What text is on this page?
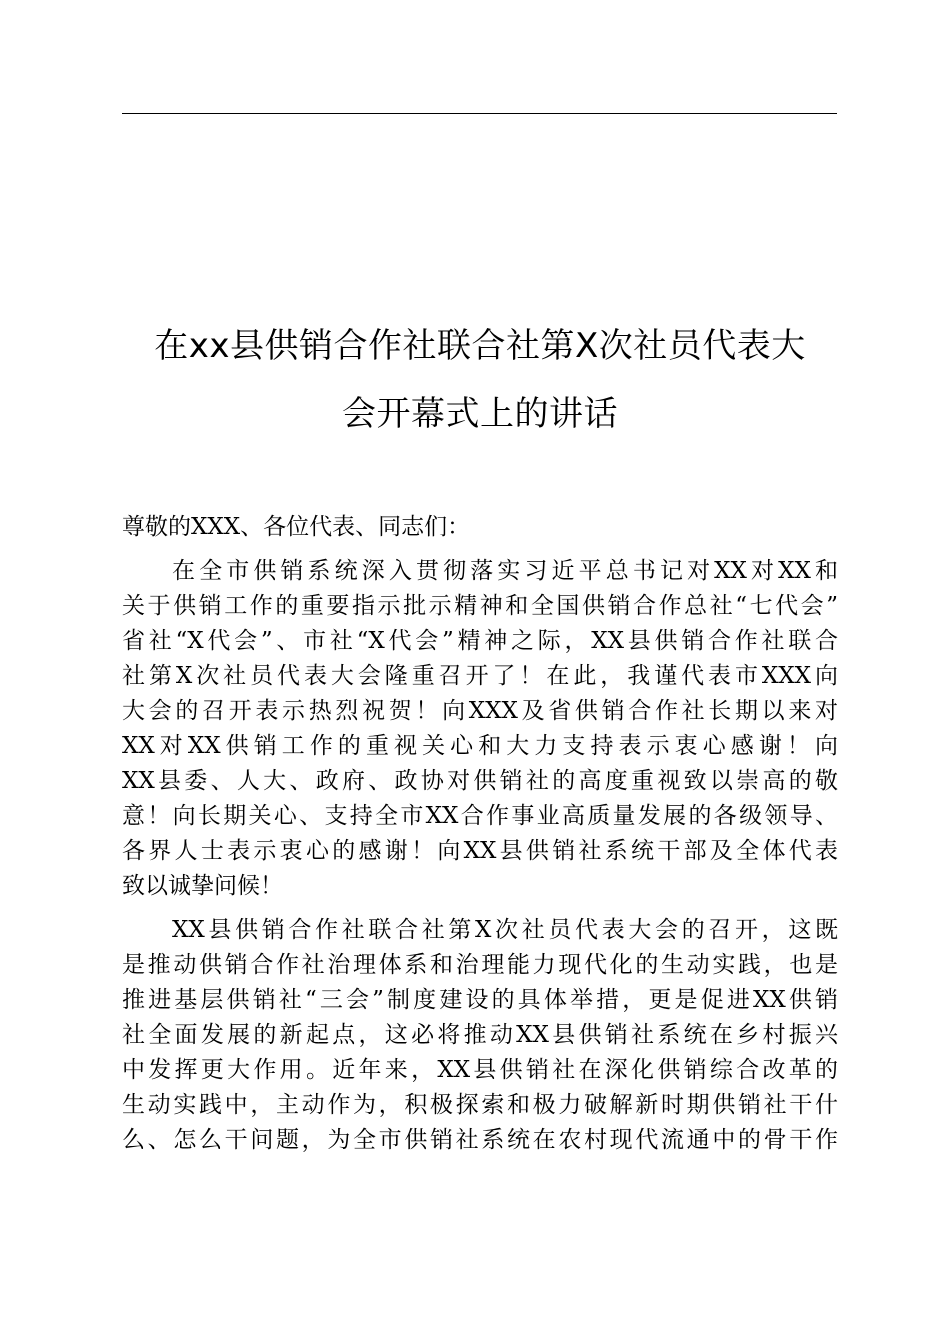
在xx县供销合作社联合社第X次社员代表大
会开幕式上的讲话

尊敬的XXX、各位代表、同志们：

在全市供销系统深入贯彻落实习近平总书记对XX对XX和
关于供销工作的重要指示批示精神和全国供销合作总社“七代会”
省社“X代会”、市社“X代会”精神之际，XX县供销合作社联合
社第X次社员代表大会隆重召开了！在此，我谨代表市XXX向
大会的召开表示热烈祝贺！向XXX及省供销合作社长期以来对
XX对XX供销工作的重视关心和大力支持表示衷心感谢！向
XX县委、人大、政府、政协对供销社的高度重视致以崇高的敬
意！向长期关心、支持全市XX合作事业高质量发展的各级领导、
各界人士表示衷心的感谢！向XX县供销社系统干部及全体代表
致以诚挚问候！
XX县供销合作社联合社第X次社员代表大会的召开，这既
是推动供销合作社治理体系和治理能力现代化的生动实践，也是
推进基层供销社“三会”制度建设的具体举措，更是促进XX供销
社全面发展的新起点，这必将推动XX县供销社系统在乡村振兴
中发挥更大作用。近年来，XX县供销社在深化供销综合改革的
生动实践中，主动作为，积极探索和极力破解新时期供销社干什
么、怎么干问题，为全市供销社系统在农村现代流通中的骨干作
